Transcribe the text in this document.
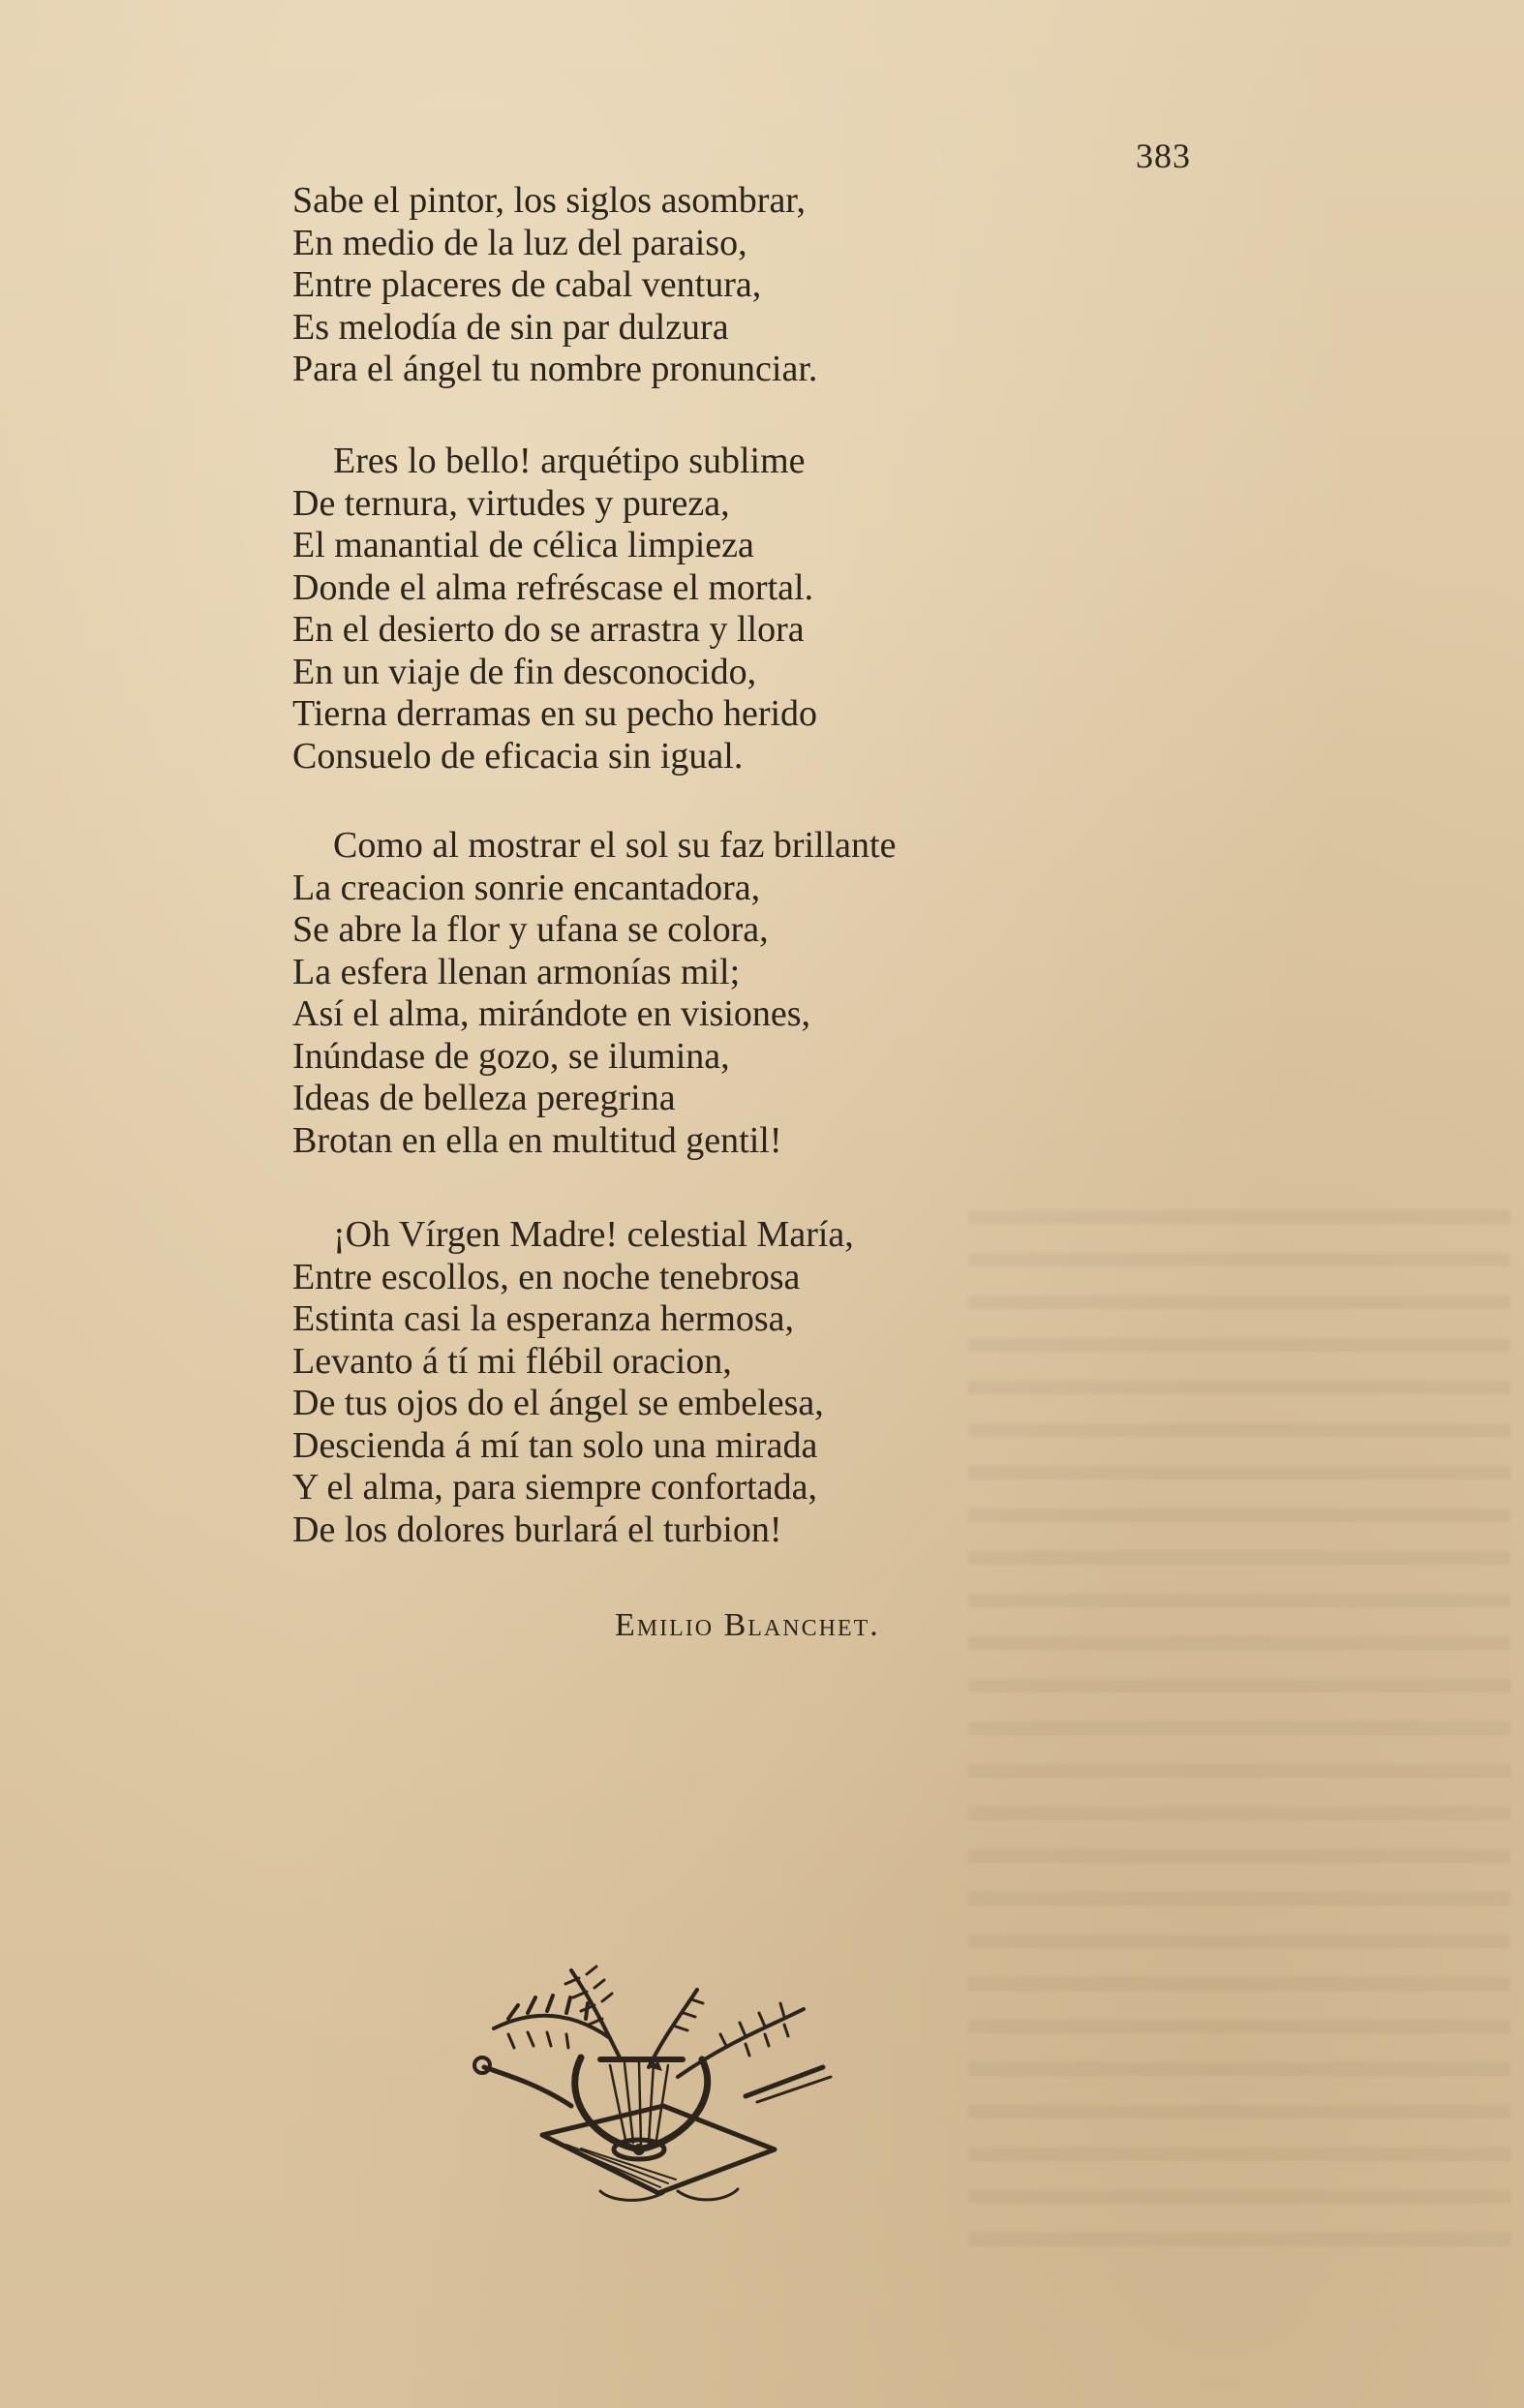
383
Sabe el pintor, los siglos asombrar,
En medio de la luz del paraiso,
Entre placeres de cabal ventura,
Es melodía de sin par dulzura
Para el ángel tu nombre pronunciar.
Eres lo bello! arquétipo sublime
De ternura, virtudes y pureza,
El manantial de célica limpieza
Donde el alma refréscase el mortal.
En el desierto do se arrastra y llora
En un viaje de fin desconocido,
Tierna derramas en su pecho herido
Consuelo de eficacia sin igual.
Como al mostrar el sol su faz brillante
La creacion sonrie encantadora,
Se abre la flor y ufana se colora,
La esfera llenan armonías mil;
Así el alma, mirándote en visiones,
Inúndase de gozo, se ilumina,
Ideas de belleza peregrina
Brotan en ella en multitud gentil!
¡Oh Vírgen Madre! celestial María,
Entre escollos, en noche tenebrosa
Estinta casi la esperanza hermosa,
Levanto á tí mi flébil oracion,
De tus ojos do el ángel se embelesa,
Descienda á mí tan solo una mirada
Y el alma, para siempre confortada,
De los dolores burlará el turbion!
Emilio Blanchet.
